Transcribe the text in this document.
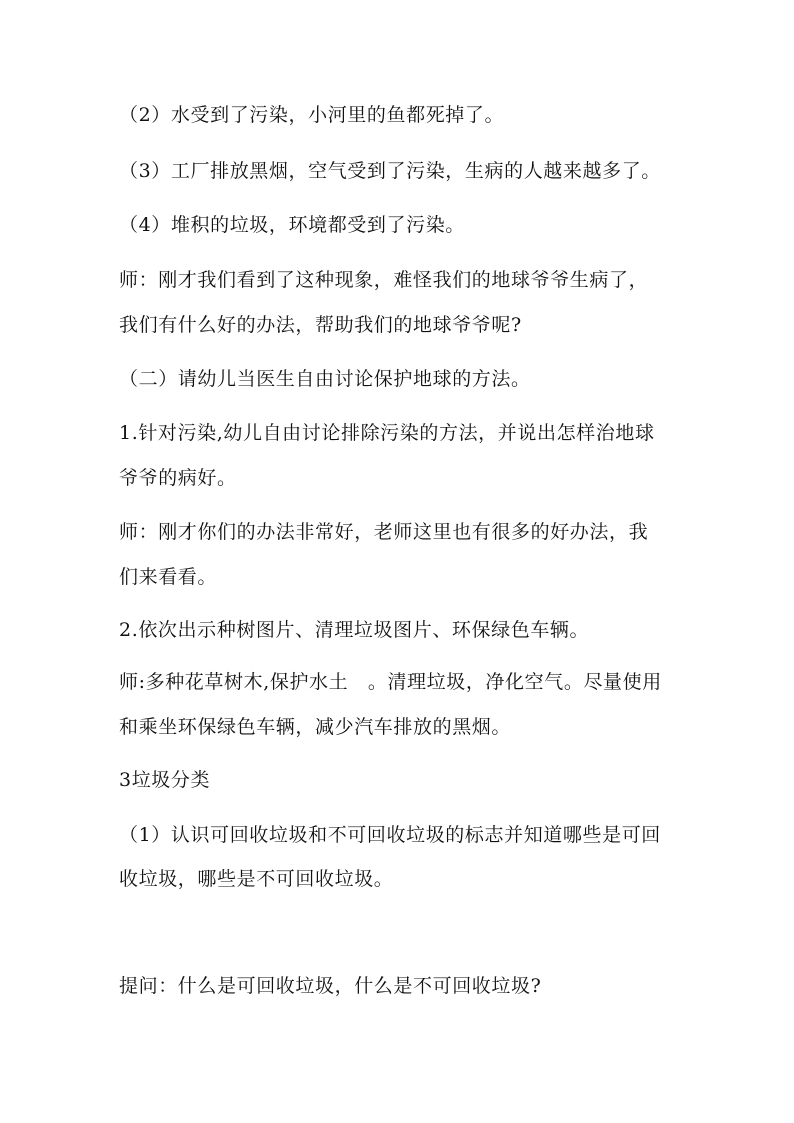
（2）水受到了污染，小河里的鱼都死掉了。
（3）工厂排放黑烟，空气受到了污染，生病的人越来越多了。
（4）堆积的垃圾，环境都受到了污染。
师：刚才我们看到了这种现象，难怪我们的地球爷爷生病了，
我们有什么好的办法，帮助我们的地球爷爷呢?
（二）请幼儿当医生自由讨论保护地球的方法。
1.针对污染,幼儿自由讨论排除污染的方法，并说出怎样治地球
爷爷的病好。
师：刚才你们的办法非常好，老师这里也有很多的好办法，我
们来看看。
2.依次出示种树图片、清理垃圾图片、环保绿色车辆。
师:多种花草树木,保护水土　。清理垃圾，净化空气。尽量使用
和乘坐环保绿色车辆，减少汽车排放的黑烟。
3垃圾分类
（1）认识可回收垃圾和不可回收垃圾的标志并知道哪些是可回
收垃圾，哪些是不可回收垃圾。
提问：什么是可回收垃圾，什么是不可回收垃圾?
